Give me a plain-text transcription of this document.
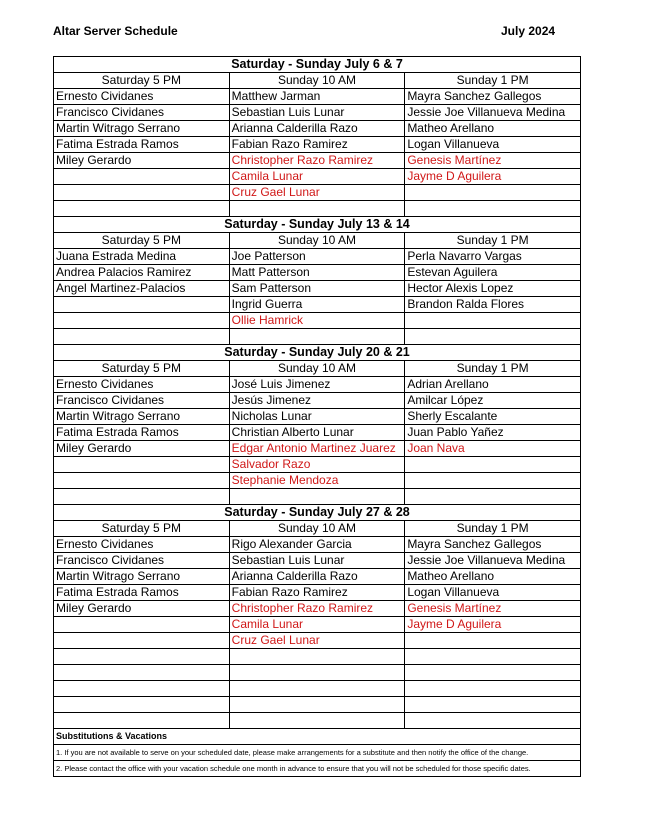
Altar Server Schedule	July 2024
Saturday - Sunday July 6 & 7		
Saturday 5 PM	Sunday 10 AM	Sunday 1 PM
Ernesto Cividanes	Matthew Jarman	Mayra Sanchez Gallegos
Francisco Cividanes	Sebastian Luis Lunar	Jessie Joe Villanueva Medina
Martin Witrago Serrano	Arianna Calderilla Razo	Matheo Arellano
Fatima Estrada Ramos	Fabian Razo Ramirez	Logan Villanueva
Miley Gerardo	Christopher Razo Ramirez	Genesis Martínez
	Camila Lunar	Jayme D Aguilera
	Cruz Gael Lunar	

Saturday - Sunday July 13 & 14		
Saturday 5 PM	Sunday 10 AM	Sunday 1 PM
Juana Estrada Medina	Joe Patterson	Perla Navarro Vargas
Andrea Palacios Ramirez	Matt Patterson	Estevan Aguilera
Angel Martinez-Palacios	Sam Patterson	Hector Alexis Lopez
	Ingrid Guerra	Brandon Ralda Flores
	Ollie Hamrick	

Saturday - Sunday July 20 & 21		
Saturday 5 PM	Sunday 10 AM	Sunday 1 PM
Ernesto Cividanes	José Luis Jimenez	Adrian Arellano
Francisco Cividanes	Jesús Jimenez	Amilcar López
Martin Witrago Serrano	Nicholas Lunar	Sherly Escalante
Fatima Estrada Ramos	Christian Alberto Lunar	Juan Pablo Yañez
Miley Gerardo	Edgar Antonio Martinez Juarez	Joan Nava
	Salvador Razo	
	Stephanie Mendoza	

Saturday - Sunday July 27 & 28		
Saturday 5 PM	Sunday 10 AM	Sunday 1 PM
Ernesto Cividanes	Rigo Alexander Garcia	Mayra Sanchez Gallegos
Francisco Cividanes	Sebastian Luis Lunar	Jessie Joe Villanueva Medina
Martin Witrago Serrano	Arianna Calderilla Razo	Matheo Arellano
Fatima Estrada Ramos	Fabian Razo Ramirez	Logan Villanueva
Miley Gerardo	Christopher Razo Ramirez	Genesis Martínez
	Camila Lunar	Jayme D Aguilera
	Cruz Gael Lunar	

Substitutions & Vacations		
1. If you are not available to serve on your scheduled date, please make arrangements for a substitute and then notify the office of the change.		
2. Please contact the office with your vacation schedule one month in advance to ensure that you will not be scheduled for those specific dates.		
